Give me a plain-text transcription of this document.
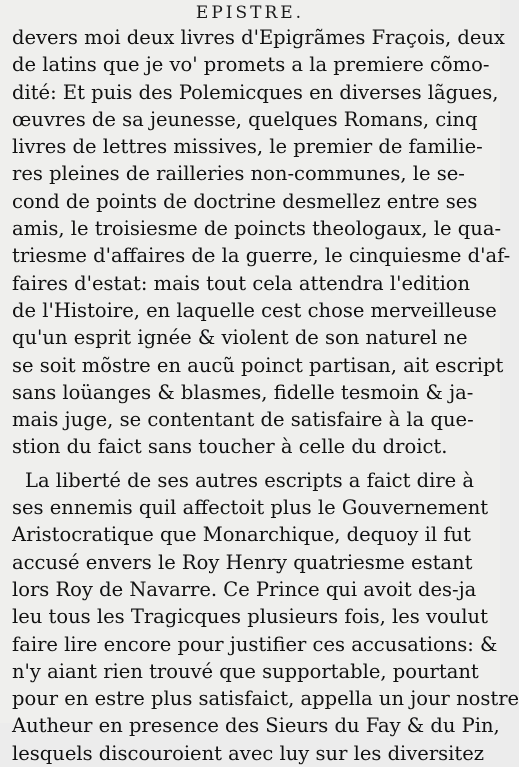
EPISTRE.
devers moi deux livres d'Epigrãmes Fraçois, deux
de latins que je vo' promets a la premiere cõmo-
dité: Et puis des Polemicques en diverses lãgues,
œuvres de sa jeunesse, quelques Romans, cinq
livres de lettres missives, le premier de familie-
res pleines de railleries non-communes, le se-
cond de points de doctrine desmellez entre ses
amis, le troisiesme de poincts theologaux, le qua-
triesme d'affaires de la guerre, le cinquiesme d'af-
faires d'estat: mais tout cela attendra l'edition
de l'Histoire, en laquelle cest chose merveilleuse
qu'un esprit ignée & violent de son naturel ne
se soit mõstre en aucũ poinct partisan, ait escript
sans loüanges & blasmes, fidelle tesmoin & ja-
mais juge, se contentant de satisfaire à la que-
stion du faict sans toucher à celle du droict.
La liberté de ses autres escripts a faict dire à
ses ennemis quil affectoit plus le Gouvernement
Aristocratique que Monarchique, dequoy il fut
accusé envers le Roy Henry quatriesme estant
lors Roy de Navarre. Ce Prince qui avoit des-ja
leu tous les Tragicques plusieurs fois, les voulut
faire lire encore pour justifier ces accusations: &
n'y aiant rien trouvé que supportable, pourtant
pour en estre plus satisfaict, appella un jour nostre
Autheur en presence des Sieurs du Fay & du Pin,
lesquels discouroient avec luy sur les diversitez
